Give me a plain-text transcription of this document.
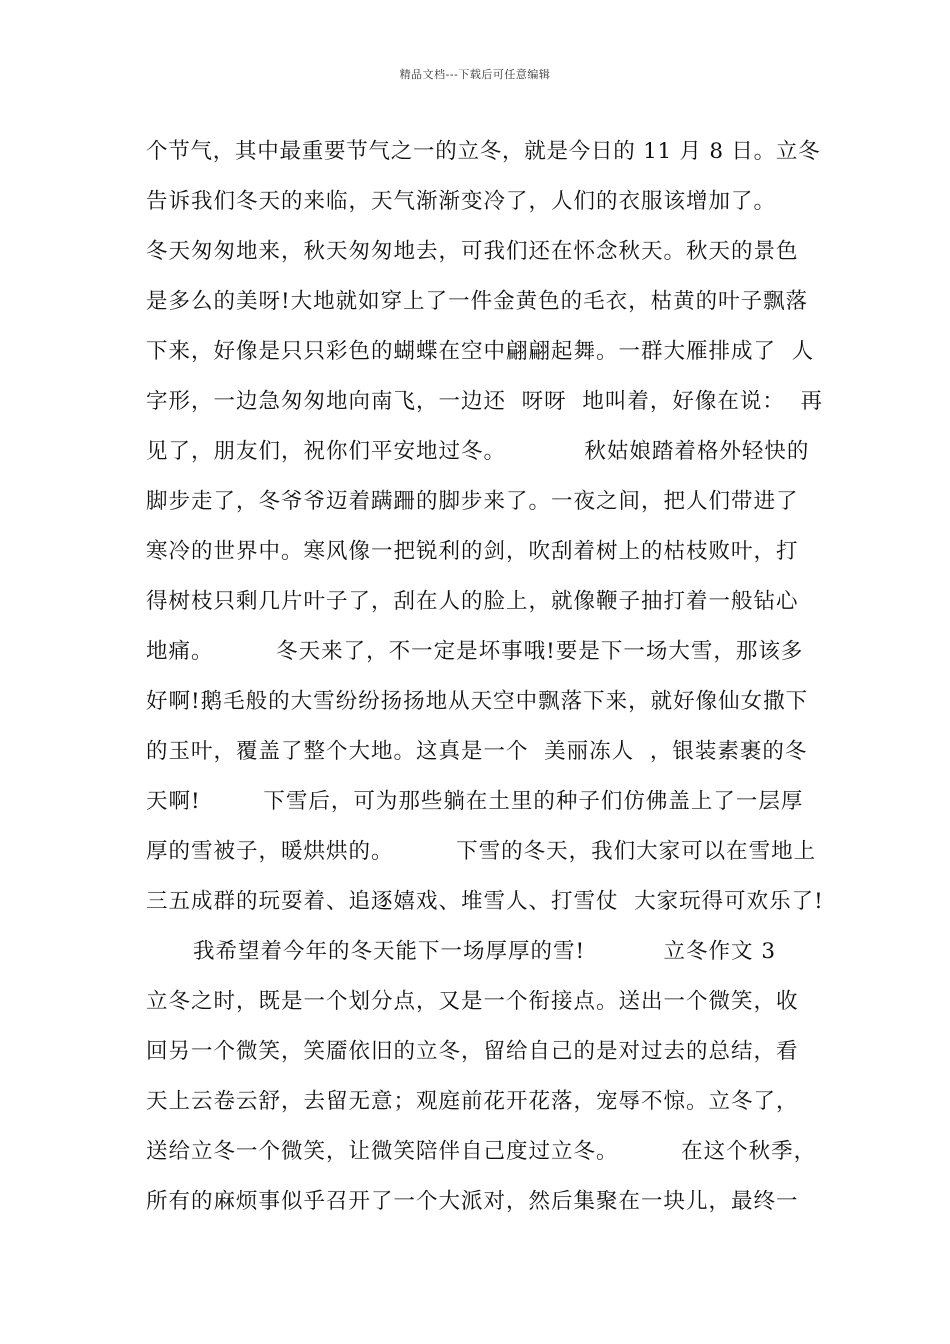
精品文档---下载后可任意编辑
个节气，其中最重要节气之一的立冬，就是今日的 11 月 8 日。立冬
告诉我们冬天的来临，天气渐渐变冷了，人们的衣服该增加了。
冬天匆匆地来，秋天匆匆地去，可我们还在怀念秋天。秋天的景色
是多么的美呀!大地就如穿上了一件金黄色的毛衣，枯黄的叶子飘落
下来，好像是只只彩色的蝴蝶在空中翩翩起舞。一群大雁排成了  人
字形，一边急匆匆地向南飞，一边还  呀呀  地叫着，好像在说：  再
见了，朋友们，祝你们平安地过冬。          秋姑娘踏着格外轻快的
脚步走了，冬爷爷迈着蹒跚的脚步来了。一夜之间，把人们带进了
寒冷的世界中。寒风像一把锐利的剑，吹刮着树上的枯枝败叶，打
得树枝只剩几片叶子了，刮在人的脸上，就像鞭子抽打着一般钻心
地痛。        冬天来了，不一定是坏事哦!要是下一场大雪，那该多
好啊!鹅毛般的大雪纷纷扬扬地从天空中飘落下来，就好像仙女撒下
的玉叶，覆盖了整个大地。这真是一个  美丽冻人  ，银装素裹的冬
天啊!        下雪后，可为那些躺在土里的种子们仿佛盖上了一层厚
厚的雪被子，暖烘烘的。        下雪的冬天，我们大家可以在雪地上
三五成群的玩耍着、追逐嬉戏、堆雪人、打雪仗  大家玩得可欢乐了!
我希望着今年的冬天能下一场厚厚的雪!          立冬作文 3
立冬之时，既是一个划分点，又是一个衔接点。送出一个微笑，收
回另一个微笑，笑靥依旧的立冬，留给自己的是对过去的总结，看
天上云卷云舒，去留无意；观庭前花开花落，宠辱不惊。立冬了，
送给立冬一个微笑，让微笑陪伴自己度过立冬。        在这个秋季，
所有的麻烦事似乎召开了一个大派对，然后集聚在一块儿，最终一
